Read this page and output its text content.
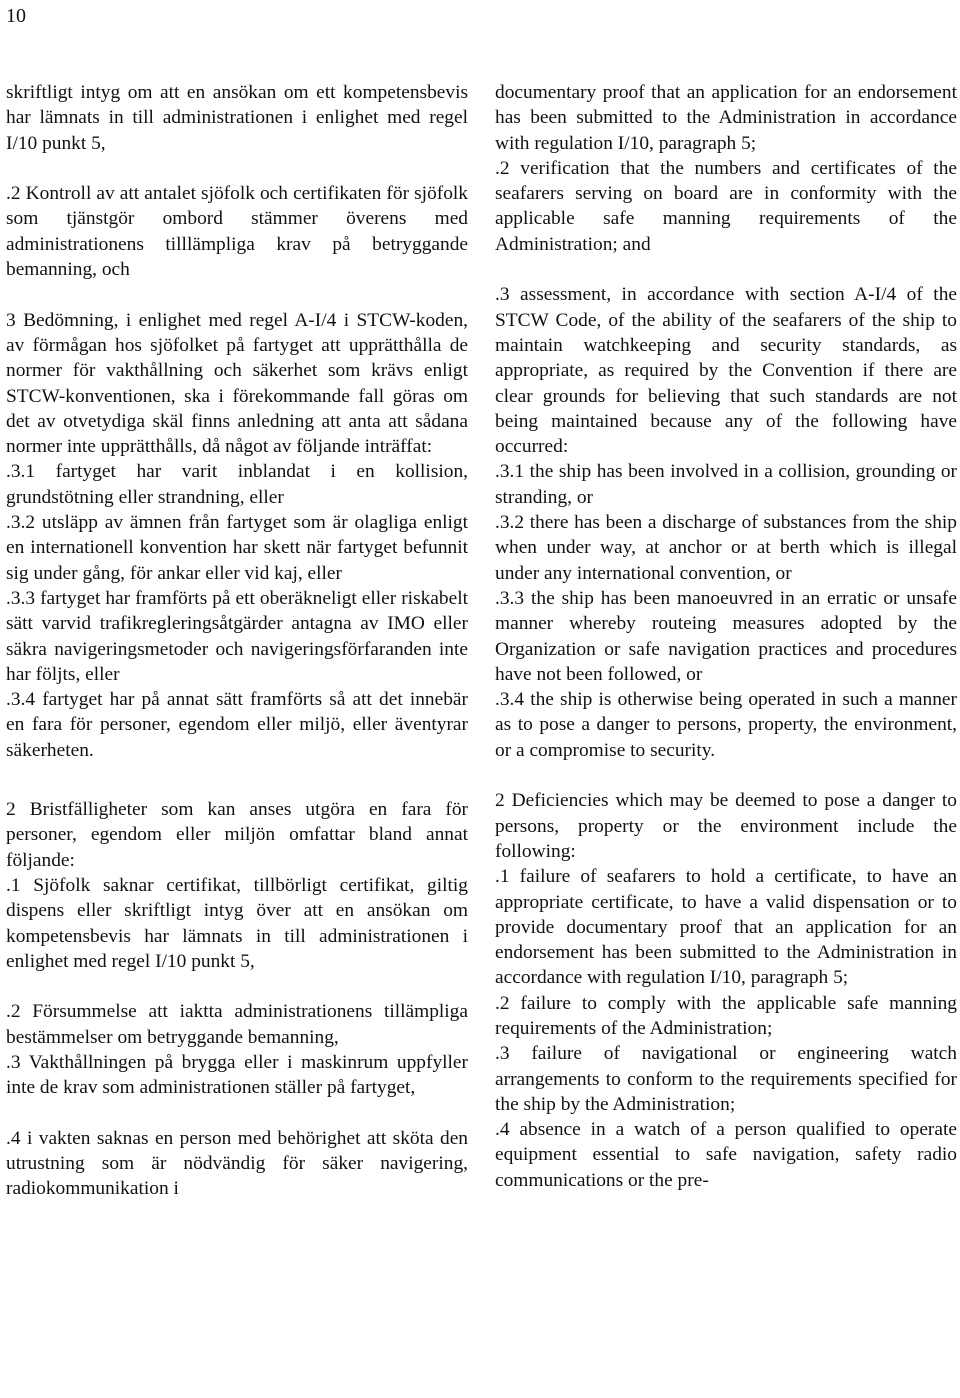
10

skriftligt intyg om att en ansökan om ett kompetensbevis har lämnats in till administrationen i enlighet med regel I/10 punkt 5,

.2 Kontroll av att antalet sjöfolk och certifikaten för sjöfolk som tjänstgör ombord stämmer överens med administrationens tilllämpliga krav på betryggande bemanning, och

3 Bedömning, i enlighet med regel A-I/4 i STCW-koden, av förmågan hos sjöfolket på fartyget att upprätthålla de normer för vakthållning och säkerhet som krävs enligt STCW-konventionen, ska i förekommande fall göras om det av otvetydiga skäl finns anledning att anta att sådana normer inte upprätthålls, då något av följande inträffat:

.3.1 fartyget har varit inblandat i en kollision, grundstötning eller strandning, eller

.3.2 utsläpp av ämnen från fartyget som är olagliga enligt en internationell konvention har skett när fartyget befunnit sig under gång, för ankar eller vid kaj, eller

.3.3 fartyget har framförts på ett oberäkneligt eller riskabelt sätt varvid trafikregleringsåtgärder antagna av IMO eller säkra navigeringsmetoder och navigeringsförfaranden inte har följts, eller

.3.4 fartyget har på annat sätt framförts så att det innebär en fara för personer, egendom eller miljö, eller äventyrar säkerheten.

2 Bristfälligheter som kan anses utgöra en fara för personer, egendom eller miljön omfattar bland annat följande:

.1 Sjöfolk saknar certifikat, tillbörligt certifikat, giltig dispens eller skriftligt intyg över att en ansökan om kompetensbevis har lämnats in till administrationen i enlighet med regel I/10 punkt 5,

.2 Försummelse att iaktta administrationens tillämpliga bestämmelser om betryggande bemanning,

.3 Vakthållningen på brygga eller i maskinrum uppfyller inte de krav som administrationen ställer på fartyget,

.4 i vakten saknas en person med behörighet att sköta den utrustning som är nödvändig för säker navigering, radiokommunikation i

documentary proof that an application for an endorsement has been submitted to the Administration in accordance with regulation I/10, paragraph 5;

.2 verification that the numbers and certificates of the seafarers serving on board are in conformity with the applicable safe manning requirements of the Administration; and

.3 assessment, in accordance with section A-I/4 of the STCW Code, of the ability of the seafarers of the ship to maintain watchkeeping and security standards, as appropriate, as required by the Convention if there are clear grounds for believing that such standards are not being maintained because any of the following have occurred:

.3.1 the ship has been involved in a collision, grounding or stranding, or

.3.2 there has been a discharge of substances from the ship when under way, at anchor or at berth which is illegal under any international convention, or

.3.3 the ship has been manoeuvred in an erratic or unsafe manner whereby routeing measures adopted by the Organization or safe navigation practices and procedures have not been followed, or

.3.4 the ship is otherwise being operated in such a manner as to pose a danger to persons, property, the environment, or a compromise to security.

2 Deficiencies which may be deemed to pose a danger to persons, property or the environment include the following:

.1 failure of seafarers to hold a certificate, to have an appropriate certificate, to have a valid dispensation or to provide documentary proof that an application for an endorsement has been submitted to the Administration in accordance with regulation I/10, paragraph 5;

.2 failure to comply with the applicable safe manning requirements of the Administration;

.3 failure of navigational or engineering watch arrangements to conform to the requirements specified for the ship by the Administration;

.4 absence in a watch of a person qualified to operate equipment essential to safe navigation, safety radio communications or the pre-
